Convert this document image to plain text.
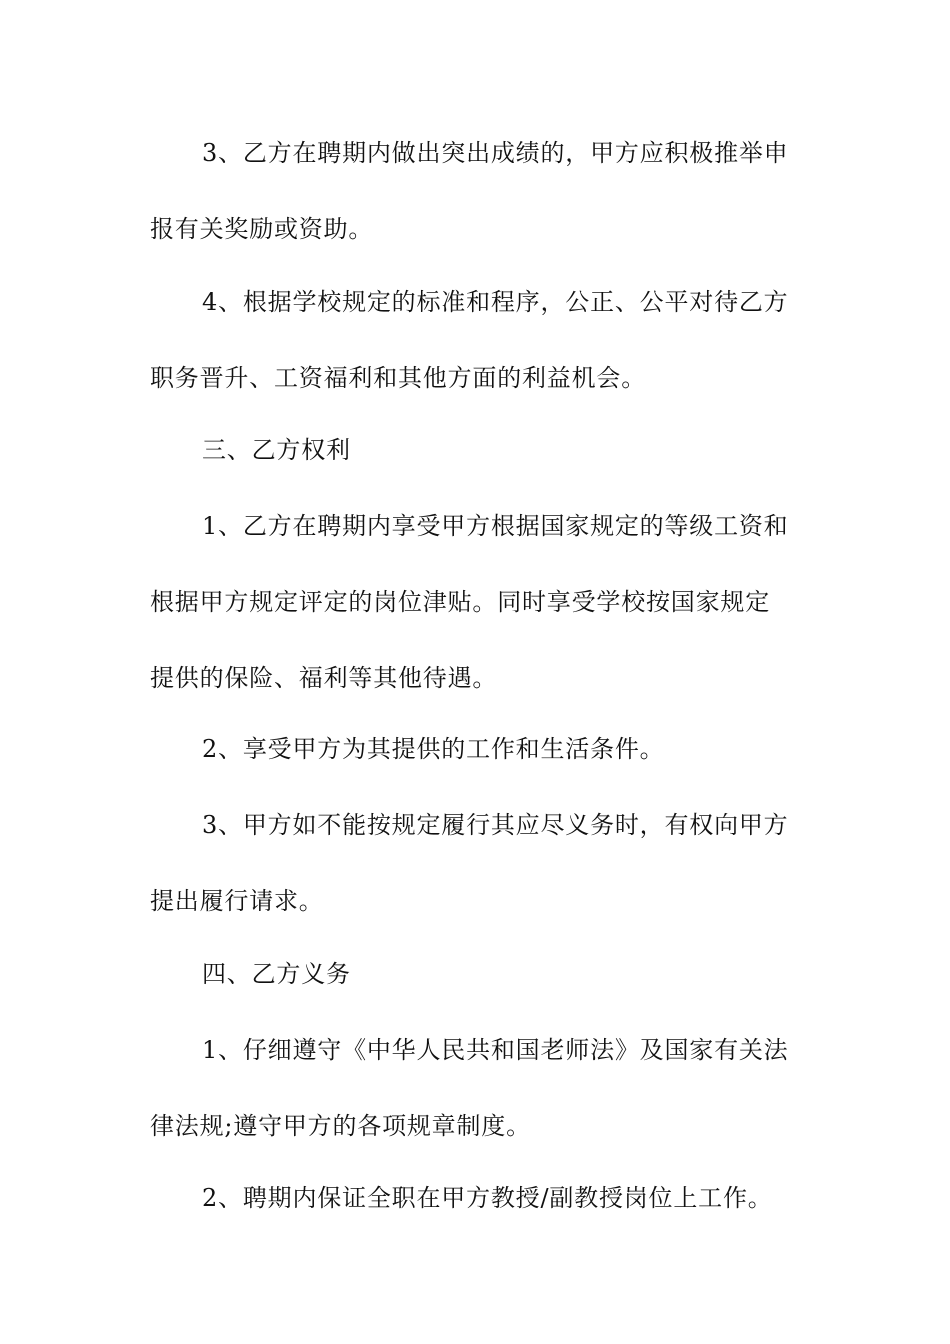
3、乙方在聘期内做出突出成绩的，甲方应积极推举申
报有关奖励或资助。
4、根据学校规定的标准和程序，公正、公平对待乙方
职务晋升、工资福利和其他方面的利益机会。
三、乙方权利
1、乙方在聘期内享受甲方根据国家规定的等级工资和
根据甲方规定评定的岗位津贴。同时享受学校按国家规定
提供的保险、福利等其他待遇。
2、享受甲方为其提供的工作和生活条件。
3、甲方如不能按规定履行其应尽义务时，有权向甲方
提出履行请求。
四、乙方义务
1、仔细遵守《中华人民共和国老师法》及国家有关法
律法规;遵守甲方的各项规章制度。
2、聘期内保证全职在甲方教授/副教授岗位上工作。
